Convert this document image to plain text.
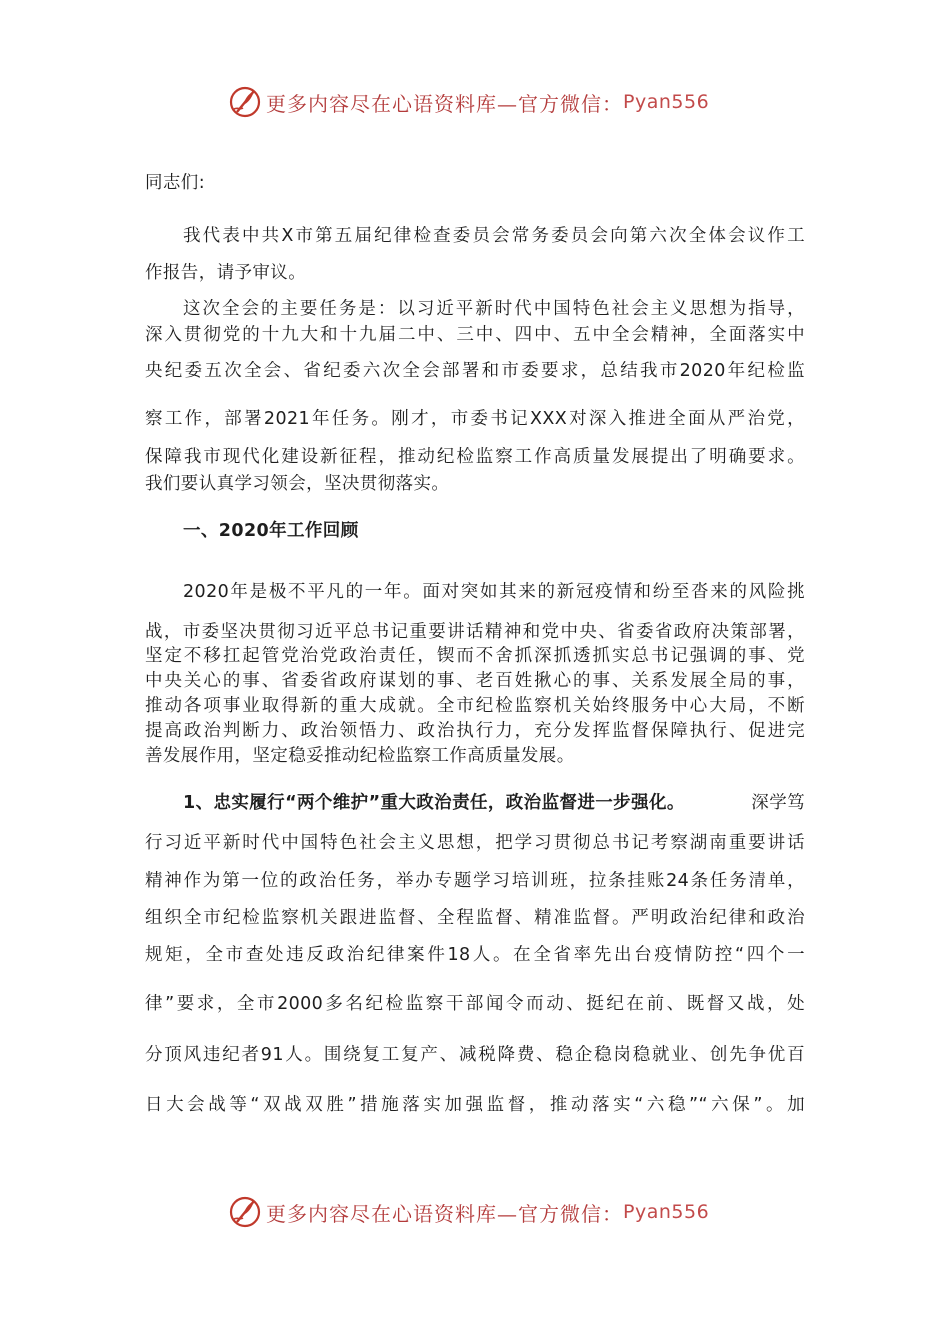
更多内容尽在心语资料库—官方微信： Pyan556
同志们:
我代表中共X市第五届纪律检查委员会常务委员会向第六次全体会议作工
作报告，请予审议。
这次全会的主要任务是：以习近平新时代中国特色社会主义思想为指导，
深入贯彻党的十九大和十九届二中、三中、四中、五中全会精神，全面落实中
央纪委五次全会、省纪委六次全会部署和市委要求，总结我市2020年纪检监
察工作，部署2021年任务。刚才，市委书记XXX对深入推进全面从严治党，
保障我市现代化建设新征程，推动纪检监察工作高质量发展提出了明确要求。
我们要认真学习领会，坚决贯彻落实。
一、2020年工作回顾
2020年是极不平凡的一年。面对突如其来的新冠疫情和纷至沓来的风险挑
战，市委坚决贯彻习近平总书记重要讲话精神和党中央、省委省政府决策部署，
坚定不移扛起管党治党政治责任，锲而不舍抓深抓透抓实总书记强调的事、党
中央关心的事、省委省政府谋划的事、老百姓揪心的事、关系发展全局的事，
推动各项事业取得新的重大成就。全市纪检监察机关始终服务中心大局，不断
提高政治判断力、政治领悟力、政治执行力，充分发挥监督保障执行、促进完
善发展作用，坚定稳妥推动纪检监察工作高质量发展。
1、忠实履行“两个维护”重大政治责任，政治监督进一步强化。	深学笃
行习近平新时代中国特色社会主义思想，把学习贯彻总书记考察湖南重要讲话
精神作为第一位的政治任务，举办专题学习培训班，拉条挂账24条任务清单，
组织全市纪检监察机关跟进监督、全程监督、精准监督。严明政治纪律和政治
规矩，全市查处违反政治纪律案件18人。在全省率先出台疫情防控“四个一
律”要求，全市2000多名纪检监察干部闻令而动、挺纪在前、既督又战，处
分顶风违纪者91人。围绕复工复产、减税降费、稳企稳岗稳就业、创先争优百
日大会战等“双战双胜”措施落实加强监督，推动落实“六稳”“六保”。加
更多内容尽在心语资料库—官方微信： Pyan556
